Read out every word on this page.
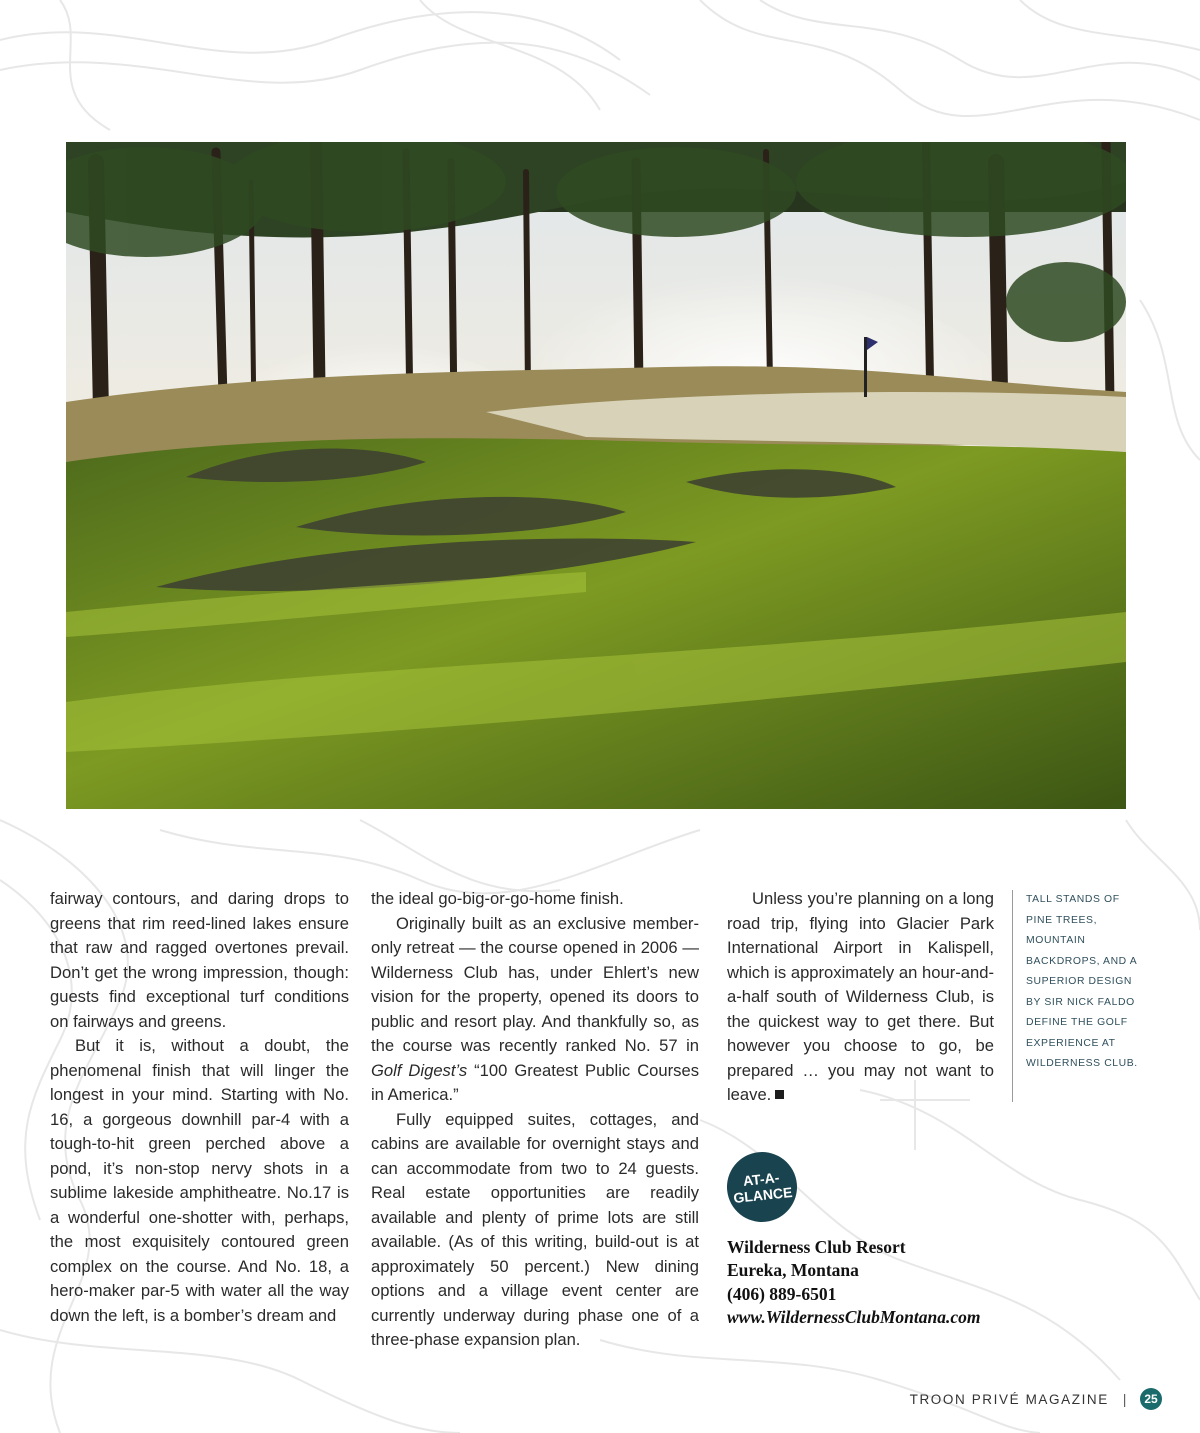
fairway contours, and daring drops to greens that rim reed-lined lakes ensure that raw and ragged overtones prevail. Don’t get the wrong impression, though: guests find exceptional turf conditions on fairways and greens.

But it is, without a doubt, the phenomenal finish that will linger the longest in your mind. Starting with No. 16, a gorgeous downhill par-4 with a tough-to-hit green perched above a pond, it’s non-stop nervy shots in a sublime lakeside amphitheatre. No.17 is a wonderful one-shotter with, perhaps, the most exquisitely contoured green complex on the course. And No. 18, a hero-maker par-5 with water all the way down the left, is a bomber’s dream and

the ideal go-big-or-go-home finish.

Originally built as an exclusive member-only retreat — the course opened in 2006 —Wilderness Club has, under Ehlert’s new vision for the property, opened its doors to public and resort play. And thankfully so, as the course was recently ranked No. 57 in Golf Digest’s “100 Greatest Public Courses in America.”

Fully equipped suites, cottages, and cabins are available for overnight stays and can accommodate from two to 24 guests. Real estate opportunities are readily available and plenty of prime lots are still available. (As of this writing, build-out is at approximately 50 percent.) New dining options and a village event center are currently underway during phase one of a three-phase expansion plan.

Unless you’re planning on a long road trip, flying into Glacier Park International Airport in Kalispell, which is approximately an hour-and-a-half south of Wilderness Club, is the quickest way to get there. But however you choose to go, be prepared … you may not want to leave.

TALL STANDS OF PINE TREES, MOUNTAIN BACKDROPS, AND A SUPERIOR DESIGN BY SIR NICK FALDO DEFINE THE GOLF EXPERIENCE AT WILDERNESS CLUB.
AT-A-
GLANCE
Wilderness Club Resort
Eureka, Montana
(406) 889-6501
www.WildernessClubMontana.com
TROON PRIVÉ MAGAZINE |	25
